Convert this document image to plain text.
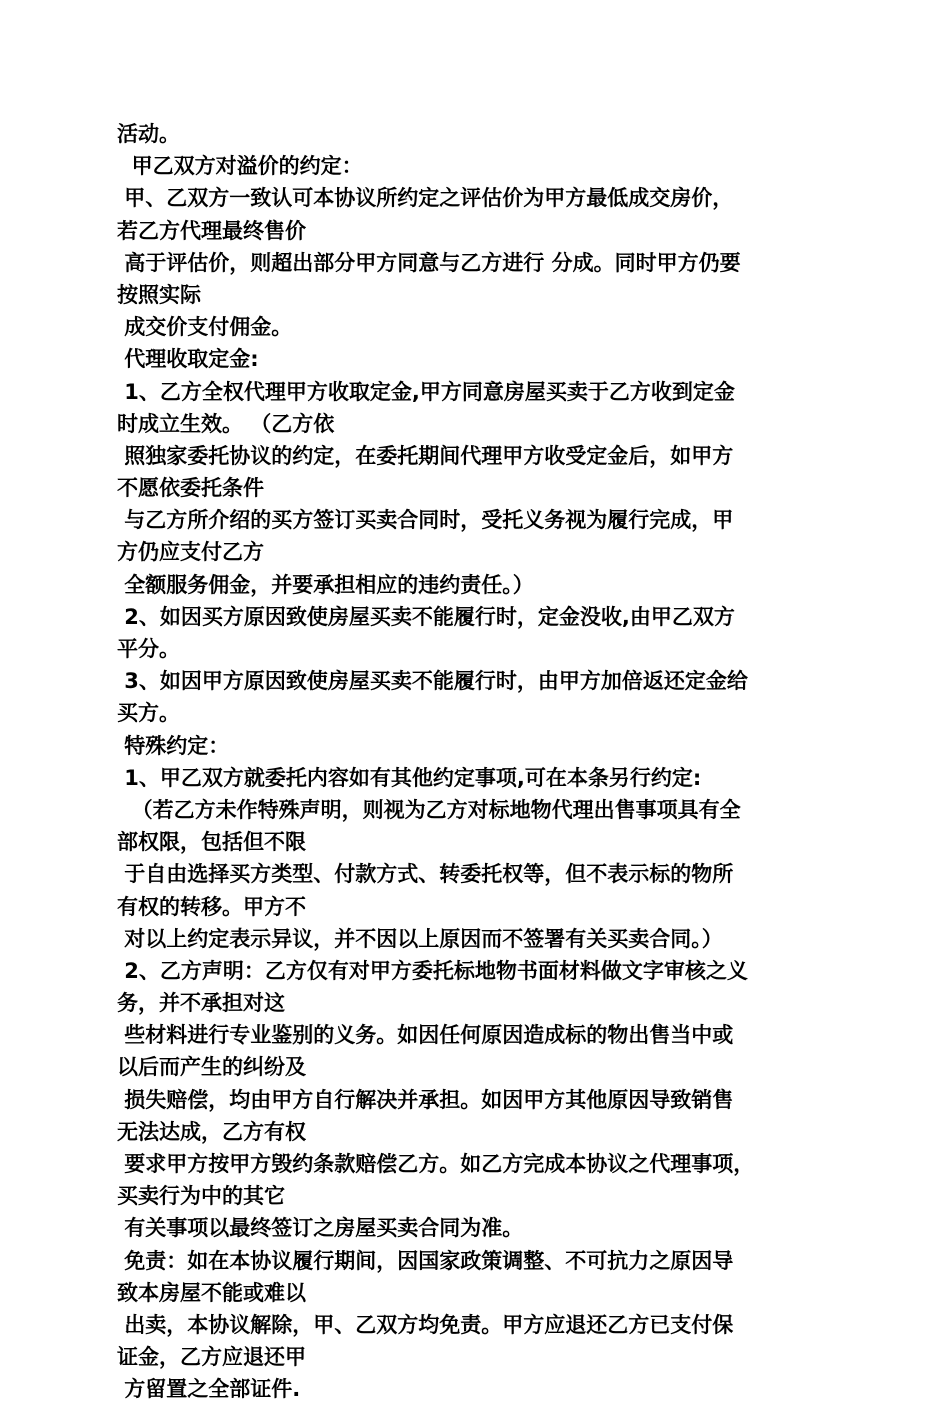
活动。
甲乙双方对溢价的约定：
甲、乙双方一致认可本协议所约定之评估价为甲方最低成交房价，
若乙方代理最终售价
高于评估价，则超出部分甲方同意与乙方进行 分成。同时甲方仍要
按照实际
成交价支付佣金。
代理收取定金:
1、乙方全权代理甲方收取定金,甲方同意房屋买卖于乙方收到定金
时成立生效。 （乙方依
照独家委托协议的约定，在委托期间代理甲方收受定金后，如甲方
不愿依委托条件
与乙方所介绍的买方签订买卖合同时，受托义务视为履行完成，甲
方仍应支付乙方
全额服务佣金，并要承担相应的违约责任。）
2、如因买方原因致使房屋买卖不能履行时，定金没收,由甲乙双方
平分。
3、如因甲方原因致使房屋买卖不能履行时，由甲方加倍返还定金给
买方。
特殊约定：
1、甲乙双方就委托内容如有其他约定事项,可在本条另行约定:
（若乙方未作特殊声明，则视为乙方对标地物代理出售事项具有全
部权限，包括但不限
于自由选择买方类型、付款方式、转委托权等，但不表示标的物所
有权的转移。甲方不
对以上约定表示异议，并不因以上原因而不签署有关买卖合同。）
2、乙方声明：乙方仅有对甲方委托标地物书面材料做文字审核之义
务，并不承担对这
些材料进行专业鉴别的义务。如因任何原因造成标的物出售当中或
以后而产生的纠纷及
损失赔偿，均由甲方自行解决并承担。如因甲方其他原因导致销售
无法达成，乙方有权
要求甲方按甲方毁约条款赔偿乙方。如乙方完成本协议之代理事项，
买卖行为中的其它
有关事项以最终签订之房屋买卖合同为准。
免责：如在本协议履行期间，因国家政策调整、不可抗力之原因导
致本房屋不能或难以
出卖，本协议解除，甲、乙双方均免责。甲方应退还乙方已支付保
证金，乙方应退还甲
方留置之全部证件.
